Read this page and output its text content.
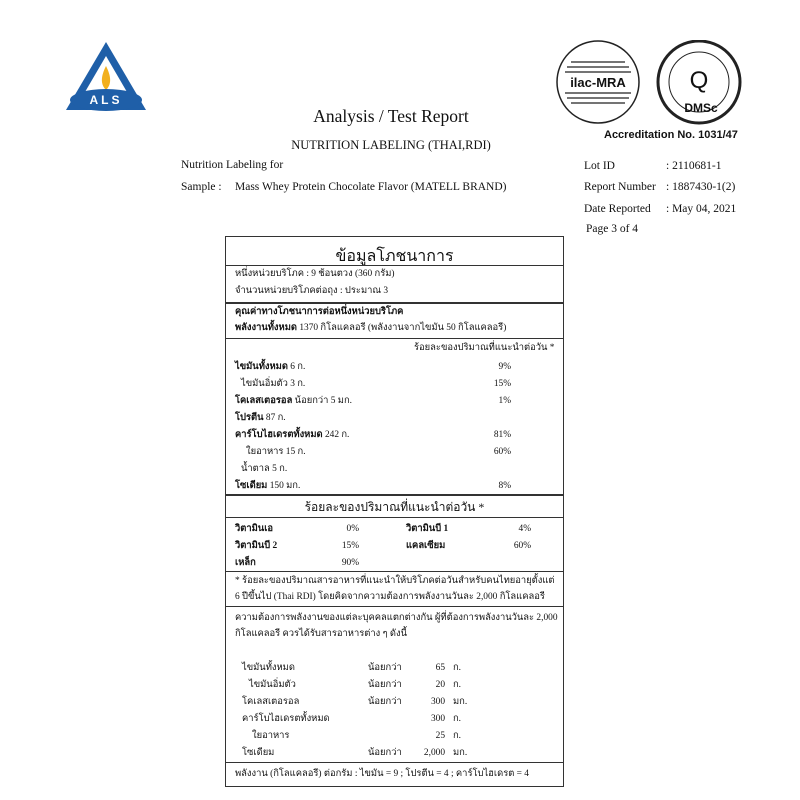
ALS
ilac-MRA	Q
DMSc
Accreditation No. 1031/47
Analysis / Test Report
NUTRITION LABELING (THAI,RDI)
Nutrition Labeling for
Sample : Mass Whey Protein Chocolate Flavor (MATELL BRAND)
Lot ID	: 2110681-1
Report Number : 1887430-1(2)
Date Reported : May 04, 2021
Page 3 of 4
ข้อมูลโภชนาการ
หนึ่งหน่วยบริโภค : 9 ช้อนตวง (360 กรัม)
จำนวนหน่วยบริโภคต่อถุง : ประมาณ 3
คุณค่าทางโภชนาการต่อหนึ่งหน่วยบริโภค
พลังงานทั้งหมด 1370 กิโลแคลอรี (พลังงานจากไขมัน 50 กิโลแคลอรี)
ร้อยละของปริมาณที่แนะนำต่อวัน *
ไขมันทั้งหมด 6 ก.	9%
ไขมันอิ่มตัว 3 ก.	15%
โคเลสเตอรอล น้อยกว่า 5 มก.	1%
โปรตีน 87 ก.
คาร์โบไฮเดรตทั้งหมด 242 ก.	81%
ใยอาหาร 15 ก.	60%
น้ำตาล 5 ก.
โซเดียม 150 มก.	8%
ร้อยละของปริมาณที่แนะนำต่อวัน *
วิตามินเอ	0%	วิตามินบี 1	4%
วิตามินบี 2	15%	แคลเซียม	60%
เหล็ก	90%
* ร้อยละของปริมาณสารอาหารที่แนะนำให้บริโภคต่อวันสำหรับคนไทยอายุตั้งแต่
6 ปีขึ้นไป (Thai RDI) โดยคิดจากความต้องการพลังงานวันละ 2,000 กิโลแคลอรี
ความต้องการพลังงานของแต่ละบุคคลแตกต่างกัน ผู้ที่ต้องการพลังงานวันละ 2,000
กิโลแคลอรี ควรได้รับสารอาหารต่าง ๆ ดังนี้
ไขมันทั้งหมด	น้อยกว่า	65 ก.
ไขมันอิ่มตัว	น้อยกว่า	20 ก.
โคเลสเตอรอล	น้อยกว่า	300 มก.
คาร์โบไฮเดรตทั้งหมด	300 ก.
ใยอาหาร	25 ก.
โซเดียม	น้อยกว่า 2,000 มก.
พลังงาน (กิโลแคลอรี) ต่อกรัม : ไขมัน = 9 ; โปรตีน = 4 ; คาร์โบไฮเดรต = 4
